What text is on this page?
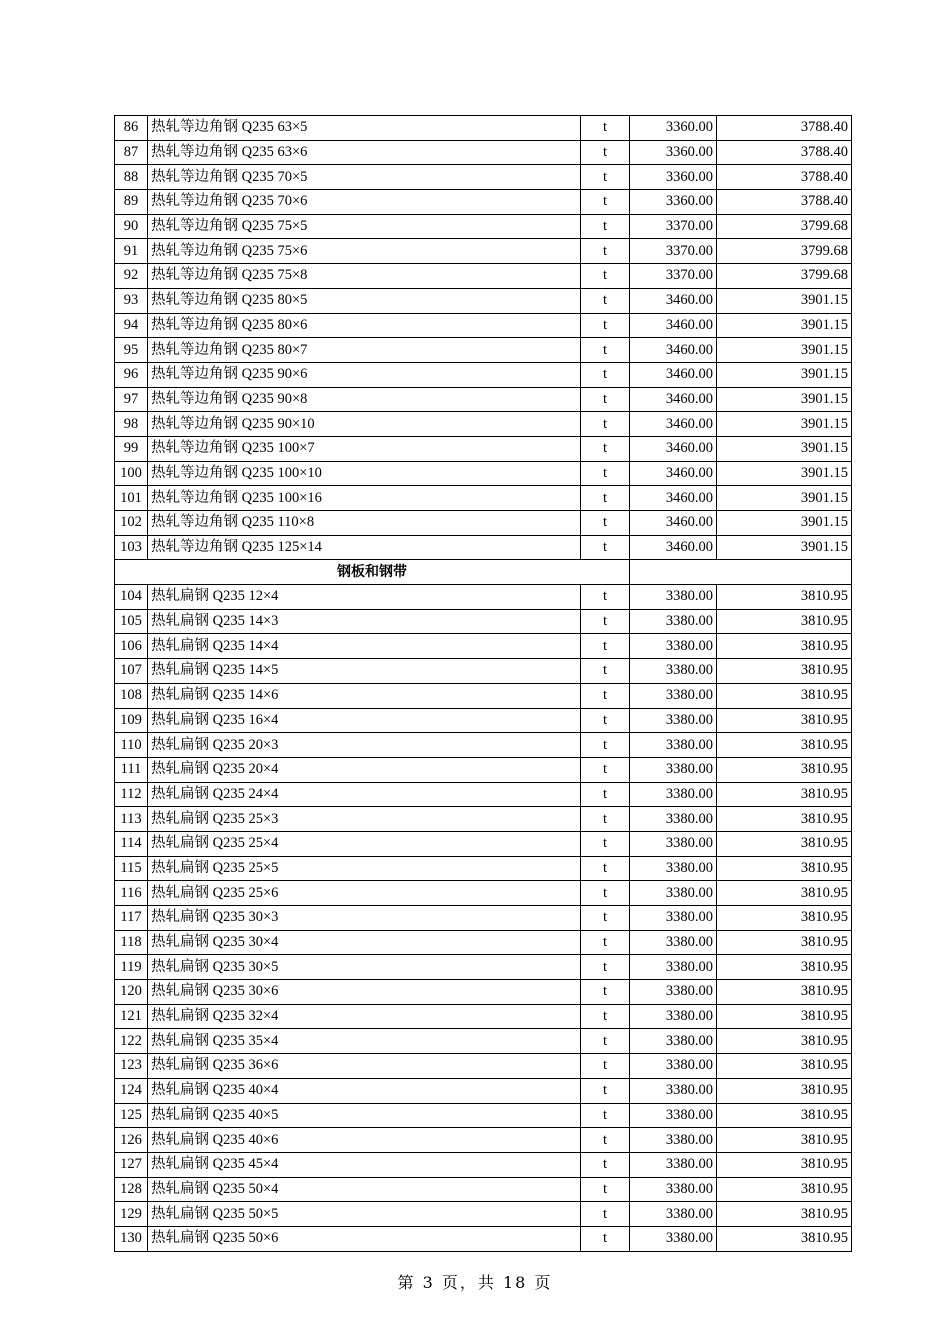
86	热轧等边角钢 Q235 63×5	t	3360.00	3788.40
87	热轧等边角钢 Q235 63×6	t	3360.00	3788.40
88	热轧等边角钢 Q235 70×5	t	3360.00	3788.40
89	热轧等边角钢 Q235 70×6	t	3360.00	3788.40
90	热轧等边角钢 Q235 75×5	t	3370.00	3799.68
91	热轧等边角钢 Q235 75×6	t	3370.00	3799.68
92	热轧等边角钢 Q235 75×8	t	3370.00	3799.68
93	热轧等边角钢 Q235 80×5	t	3460.00	3901.15
94	热轧等边角钢 Q235 80×6	t	3460.00	3901.15
95	热轧等边角钢 Q235 80×7	t	3460.00	3901.15
96	热轧等边角钢 Q235 90×6	t	3460.00	3901.15
97	热轧等边角钢 Q235 90×8	t	3460.00	3901.15
98	热轧等边角钢 Q235 90×10	t	3460.00	3901.15
99	热轧等边角钢 Q235 100×7	t	3460.00	3901.15
100	热轧等边角钢 Q235 100×10	t	3460.00	3901.15
101	热轧等边角钢 Q235 100×16	t	3460.00	3901.15
102	热轧等边角钢 Q235 110×8	t	3460.00	3901.15
103	热轧等边角钢 Q235 125×14	t	3460.00	3901.15
钢板和钢带				
104	热轧扁钢 Q235 12×4	t	3380.00	3810.95
105	热轧扁钢 Q235 14×3	t	3380.00	3810.95
106	热轧扁钢 Q235 14×4	t	3380.00	3810.95
107	热轧扁钢 Q235 14×5	t	3380.00	3810.95
108	热轧扁钢 Q235 14×6	t	3380.00	3810.95
109	热轧扁钢 Q235 16×4	t	3380.00	3810.95
110	热轧扁钢 Q235 20×3	t	3380.00	3810.95
111	热轧扁钢 Q235 20×4	t	3380.00	3810.95
112	热轧扁钢 Q235 24×4	t	3380.00	3810.95
113	热轧扁钢 Q235 25×3	t	3380.00	3810.95
114	热轧扁钢 Q235 25×4	t	3380.00	3810.95
115	热轧扁钢 Q235 25×5	t	3380.00	3810.95
116	热轧扁钢 Q235 25×6	t	3380.00	3810.95
117	热轧扁钢 Q235 30×3	t	3380.00	3810.95
118	热轧扁钢 Q235 30×4	t	3380.00	3810.95
119	热轧扁钢 Q235 30×5	t	3380.00	3810.95
120	热轧扁钢 Q235 30×6	t	3380.00	3810.95
121	热轧扁钢 Q235 32×4	t	3380.00	3810.95
122	热轧扁钢 Q235 35×4	t	3380.00	3810.95
123	热轧扁钢 Q235 36×6	t	3380.00	3810.95
124	热轧扁钢 Q235 40×4	t	3380.00	3810.95
125	热轧扁钢 Q235 40×5	t	3380.00	3810.95
126	热轧扁钢 Q235 40×6	t	3380.00	3810.95
127	热轧扁钢 Q235 45×4	t	3380.00	3810.95
128	热轧扁钢 Q235 50×4	t	3380.00	3810.95
129	热轧扁钢 Q235 50×5	t	3380.00	3810.95
130	热轧扁钢 Q235 50×6	t	3380.00	3810.95
第 3 页，共 18 页
